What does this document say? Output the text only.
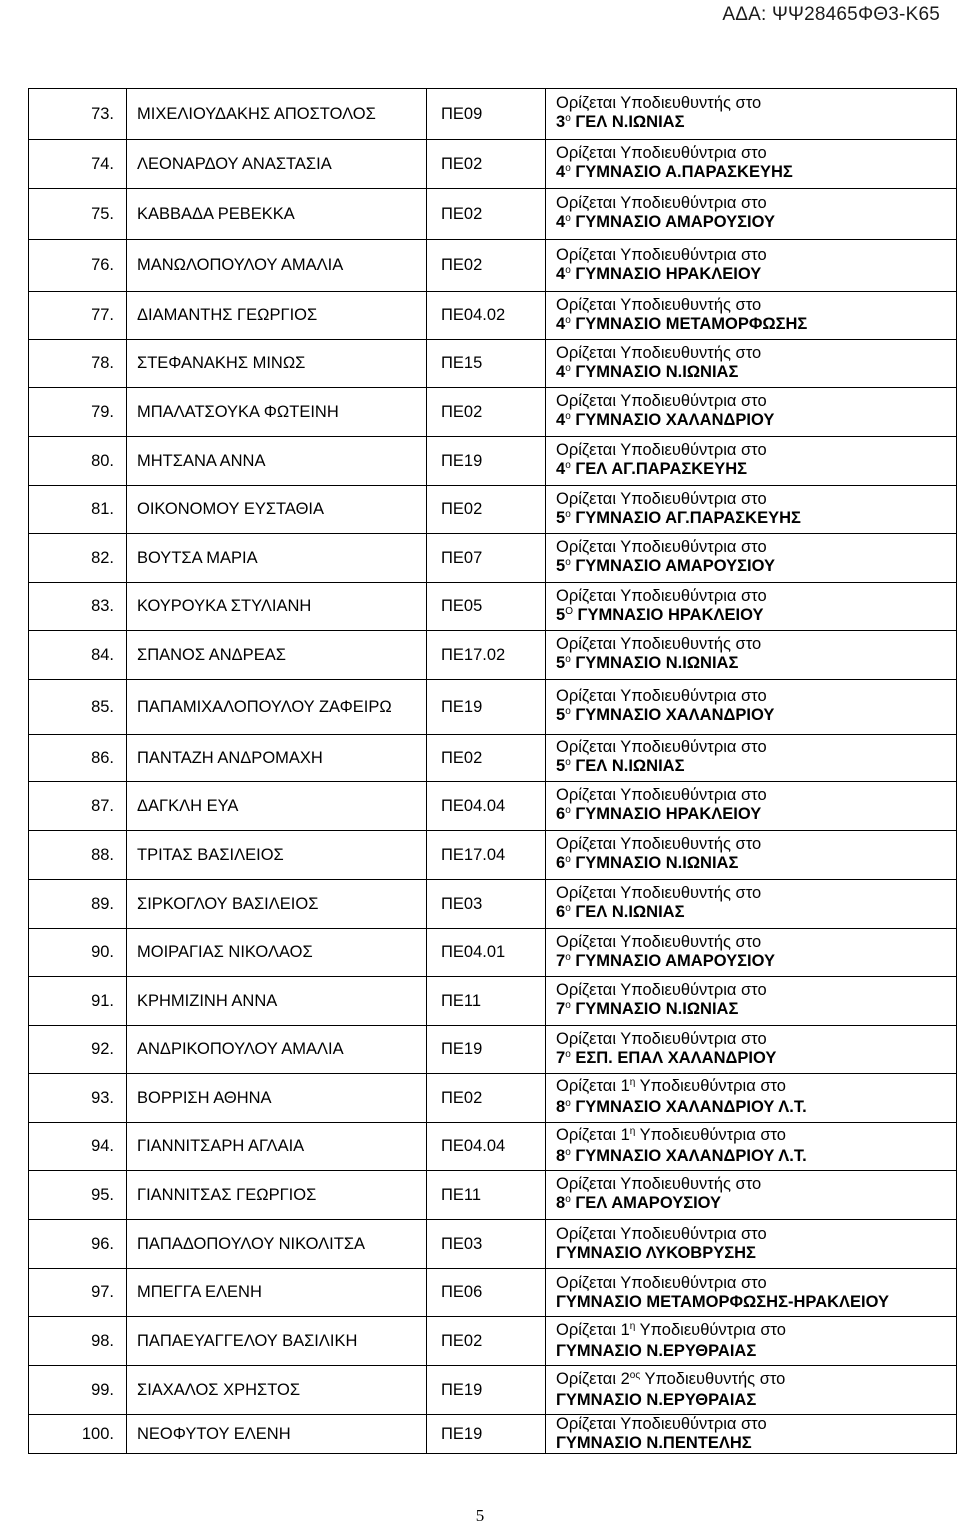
ΑΔΑ: ΨΨ28465ΦΘ3-Κ65
73.	ΜΙΧΕΛΙΟΥΔΑΚΗΣ ΑΠΟΣΤΟΛΟΣ	ΠΕ09	Ορίζεται Υποδιευθυντής στο
$3^o$ ΓΕΛ Ν.ΙΩΝΙΑΣ

74.	ΛΕΟΝΑΡΔΟΥ ΑΝΑΣΤΑΣΙΑ	ΠΕ02	Ορίζεται Υποδιευθύντρια στο
$4^o$ ΓΥΜΝΑΣΙΟ Α.ΠΑΡΑΣΚΕΥΗΣ

75.	ΚΑΒΒΑΔΑ ΡΕΒΕΚΚΑ	ΠΕ02	Ορίζεται Υποδιευθύντρια στο
$4^o$ ΓΥΜΝΑΣΙΟ ΑΜΑΡΟΥΣΙΟΥ

76.	ΜΑΝΩΛΟΠΟΥΛΟΥ ΑΜΑΛΙΑ	ΠΕ02	Ορίζεται Υποδιευθύντρια στο
$4^o$ ΓΥΜΝΑΣΙΟ ΗΡΑΚΛΕΙΟΥ

77.	ΔΙΑΜΑΝΤΗΣ ΓΕΩΡΓΙΟΣ	ΠΕ04.02	Ορίζεται Υποδιευθυντής στο
$4^o$ ΓΥΜΝΑΣΙΟ ΜΕΤΑΜΟΡΦΩΣΗΣ

78.	ΣΤΕΦΑΝΑΚΗΣ ΜΙΝΩΣ	ΠΕ15	Ορίζεται Υποδιευθυντής στο
$4^o$ ΓΥΜΝΑΣΙΟ Ν.ΙΩΝΙΑΣ

79.	ΜΠΑΛΑΤΣΟΥΚΑ ΦΩΤΕΙΝΗ	ΠΕ02	Ορίζεται Υποδιευθύντρια στο
$4^o$ ΓΥΜΝΑΣΙΟ ΧΑΛΑΝΔΡΙΟΥ

80.	ΜΗΤΣΑΝΑ ΑΝΝΑ	ΠΕ19	Ορίζεται Υποδιευθύντρια στο
$4^o$ ΓΕΛ ΑΓ.ΠΑΡΑΣΚΕΥΗΣ

81.	ΟΙΚΟΝΟΜΟΥ ΕΥΣΤΑΘΙΑ	ΠΕ02	Ορίζεται Υποδιευθύντρια στο
$5^o$ ΓΥΜΝΑΣΙΟ ΑΓ.ΠΑΡΑΣΚΕΥΗΣ

82.	ΒΟΥΤΣΑ ΜΑΡΙΑ	ΠΕ07	Ορίζεται Υποδιευθύντρια στο
$5^o$ ΓΥΜΝΑΣΙΟ ΑΜΑΡΟΥΣΙΟΥ

83.	ΚΟΥΡΟΥΚΑ ΣΤΥΛΙΑΝΗ	ΠΕ05	Ορίζεται Υποδιευθύντρια στο
$5^O$ ΓΥΜΝΑΣΙΟ ΗΡΑΚΛΕΙΟΥ

84.	ΣΠΑΝΟΣ ΑΝΔΡΕΑΣ	ΠΕ17.02	Ορίζεται Υποδιευθυντής στο
$5^o$ ΓΥΜΝΑΣΙΟ Ν.ΙΩΝΙΑΣ

85.	ΠΑΠΑΜΙΧΑΛΟΠΟΥΛΟΥ ΖΑΦΕΙΡΩ	ΠΕ19	Ορίζεται Υποδιευθύντρια στο
$5^o$ ΓΥΜΝΑΣΙΟ ΧΑΛΑΝΔΡΙΟΥ

86.	ΠΑΝΤΑΖΗ ΑΝΔΡΟΜΑΧΗ	ΠΕ02	Ορίζεται Υποδιευθύντρια στο
$5^o$ ΓΕΛ Ν.ΙΩΝΙΑΣ

87.	ΔΑΓΚΛΗ ΕΥΑ	ΠΕ04.04	Ορίζεται Υποδιευθύντρια στο
$6^o$ ΓΥΜΝΑΣΙΟ ΗΡΑΚΛΕΙΟΥ

88.	ΤΡΙΤΑΣ ΒΑΣΙΛΕΙΟΣ	ΠΕ17.04	Ορίζεται Υποδιευθυντής στο
$6^o$ ΓΥΜΝΑΣΙΟ Ν.ΙΩΝΙΑΣ

89.	ΣΙΡΚΟΓΛΟΥ ΒΑΣΙΛΕΙΟΣ	ΠΕ03	Ορίζεται Υποδιευθυντής στο
$6^o$ ΓΕΛ Ν.ΙΩΝΙΑΣ

90.	ΜΟΙΡΑΓΙΑΣ ΝΙΚΟΛΑΟΣ	ΠΕ04.01	Ορίζεται Υποδιευθυντής στο
$7^o$ ΓΥΜΝΑΣΙΟ ΑΜΑΡΟΥΣΙΟΥ

91.	ΚΡΗΜΙΖΙΝΗ ΑΝΝΑ	ΠΕ11	Ορίζεται Υποδιευθύντρια στο
$7^o$ ΓΥΜΝΑΣΙΟ Ν.ΙΩΝΙΑΣ

92.	ΑΝΔΡΙΚΟΠΟΥΛΟΥ ΑΜΑΛΙΑ	ΠΕ19	Ορίζεται Υποδιευθύντρια στο
$7^o$ ΕΣΠ. ΕΠΑΛ ΧΑΛΑΝΔΡΙΟΥ

93.	ΒΟΡΡΙΣΗ ΑΘΗΝΑ	ΠΕ02	Ορίζεται $1^\eta$ Υποδιευθύντρια στο
$8^o$ ΓΥΜΝΑΣΙΟ ΧΑΛΑΝΔΡΙΟΥ Λ.Τ.

94.	ΓΙΑΝΝΙΤΣΑΡΗ ΑΓΛΑΙΑ	ΠΕ04.04	Ορίζεται $1^\eta$ Υποδιευθύντρια στο
$8^o$ ΓΥΜΝΑΣΙΟ ΧΑΛΑΝΔΡΙΟΥ Λ.Τ.

95.	ΓΙΑΝΝΙΤΣΑΣ ΓΕΩΡΓΙΟΣ	ΠΕ11	Ορίζεται Υποδιευθυντής στο
$8^o$ ΓΕΛ ΑΜΑΡΟΥΣΙΟΥ

96.	ΠΑΠΑΔΟΠΟΥΛΟΥ ΝΙΚΟΛΙΤΣΑ	ΠΕ03	Ορίζεται Υποδιευθύντρια στο
ΓΥΜΝΑΣΙΟ ΛΥΚΟΒΡΥΣΗΣ

97.	ΜΠΕΓΓΑ ΕΛΕΝΗ	ΠΕ06	Ορίζεται Υποδιευθύντρια στο
ΓΥΜΝΑΣΙΟ ΜΕΤΑΜΟΡΦΩΣΗΣ-ΗΡΑΚΛΕΙΟΥ

98.	ΠΑΠΑΕΥΑΓΓΕΛΟΥ ΒΑΣΙΛΙΚΗ	ΠΕ02	Ορίζεται $1^\eta$ Υποδιευθύντρια στο
ΓΥΜΝΑΣΙΟ Ν.ΕΡΥΘΡΑΙΑΣ

99.	ΣΙΑΧΑΛΟΣ ΧΡΗΣΤΟΣ	ΠΕ19	Ορίζεται $2^{o\varsigma}$ Υποδιευθυντής στο
ΓΥΜΝΑΣΙΟ Ν.ΕΡΥΘΡΑΙΑΣ

100.	ΝΕΟΦΥΤΟΥ ΕΛΕΝΗ	ΠΕ19	Ορίζεται Υποδιευθύντρια στο
ΓΥΜΝΑΣΙΟ Ν.ΠΕΝΤΕΛΗΣ
5
